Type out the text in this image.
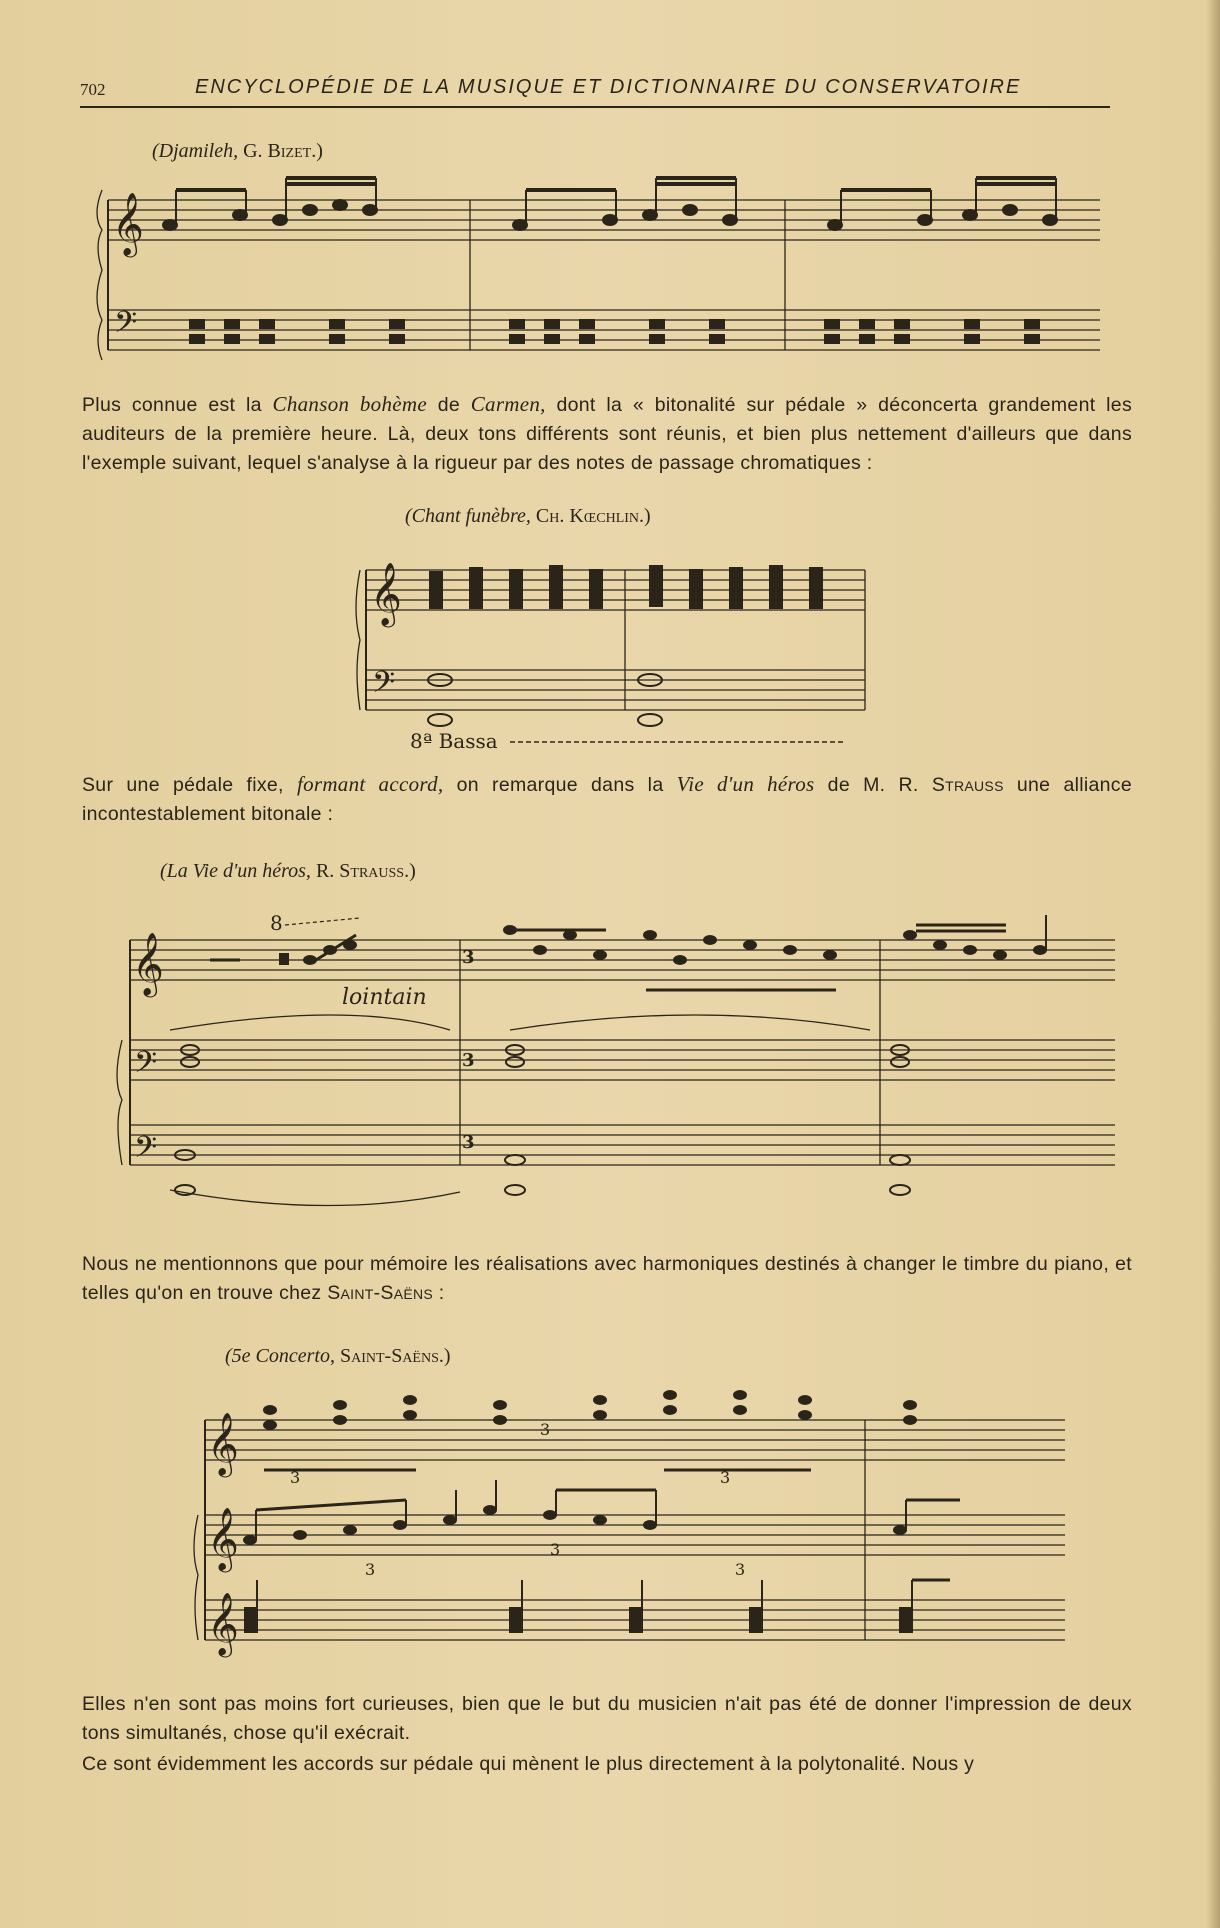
702	ENCYCLOPÉDIE DE LA MUSIQUE ET DICTIONNAIRE DU CONSERVATOIRE
(Djamileh, G. Bizet.)
𝄞
𝄢

Plus connue est la Chanson bohème de Carmen, dont la « bitonalité sur pédale » déconcerta grandement les auditeurs de la première heure. Là, deux tons différents sont réunis, et bien plus nettement d'ailleurs que dans l'exemple suivant, lequel s'analyse à la rigueur par des notes de passage chromatiques :

(Chant funèbre, Ch. Kœchlin.)
𝄞
𝄢
8ª Bassa

Sur une pédale fixe, formant accord, on remarque dans la Vie d'un héros de M. R. Strauss une alliance incontestablement bitonale :

(La Vie d'un héros, R. Strauss.)
𝄞
𝄢
𝄢
8
lointain
3
3
3

Nous ne mentionnons que pour mémoire les réalisations avec harmoniques destinés à changer le timbre du piano, et telles qu'on en trouve chez Saint-Saëns :

(5e Concerto, Saint-Saëns.)
𝄞
𝄞
𝄞
3
3
3
3
3
3

Elles n'en sont pas moins fort curieuses, bien que le but du musicien n'ait pas été de donner l'impression de deux tons simultanés, chose qu'il exécrait.

Ce sont évidemment les accords sur pédale qui mènent le plus directement à la polytonalité. Nous y
